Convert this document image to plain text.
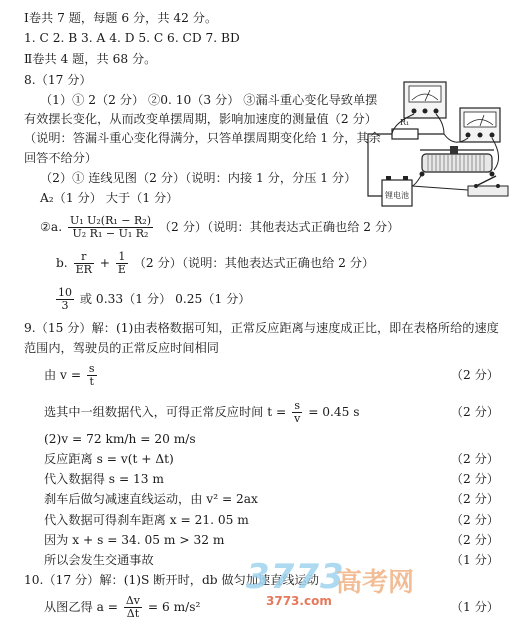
Ⅰ卷共 7 题，每题 6 分，共 42 分。
1. C 2. B 3. A 4. D 5. C 6. CD 7. BD
Ⅱ卷共 4 题，共 68 分。
8.（17 分）
（1）① 2（2 分） ②0. 10（3 分） ③漏斗重心变化导致单摆
有效摆长变化，从而改变单摆周期，影响加速度的测量值（2 分）
（说明：答漏斗重心变化得满分，只答单摆周期变化给 1 分，其余
回答不给分）
（2）① 连线见图（2 分）（说明：内接 1 分，分压 1 分）
A₂（1 分） 大于（1 分）
②a. $\frac{\text{U₁ U₂(R₁ − R₂)}}{\text{U₂ R₁ − U₁ R₂}} (2$ 分）（说明：其他表达式正确也给 2 分）
b. $\frac{r}{ER} + \frac{1}{E} (2$ 分）（说明：其他表达式正确也给 2 分）
$\frac{10}{3}$ 或 0.33（1 分） 0.25（1 分）
9.（15 分）解：(1)由表格数据可知，正常反应距离与速度成正比，即在表格所给的速度
范围内，驾驶员的正常反应时间相同
由 $v = \frac{s}{t}$	（2 分）
选其中一组数据代入，可得正常反应时间 $t = \frac{s}{v} = 0.45$ s	（2 分）
(2)v = 72 km/h = 20 m/s
反应距离 s = v(t + Δt)	（2 分）
代入数据得 s = 13 m	（2 分）
刹车后做匀减速直线运动，由 v² = 2ax	（2 分）
代入数据可得刹车距离 x = 21. 05 m	（2 分）
因为 x + s = 34. 05 m > 32 m	（2 分）
所以会发生交通事故	（1 分）
10.（17 分）解：(1)S 断开时，db 做匀加速直线运动
从图乙得 $a = \frac{\Delta v}{\Delta t} = 6$ m/s²	（1 分）
R₁
锂电池
3773
高考网
3773.com
